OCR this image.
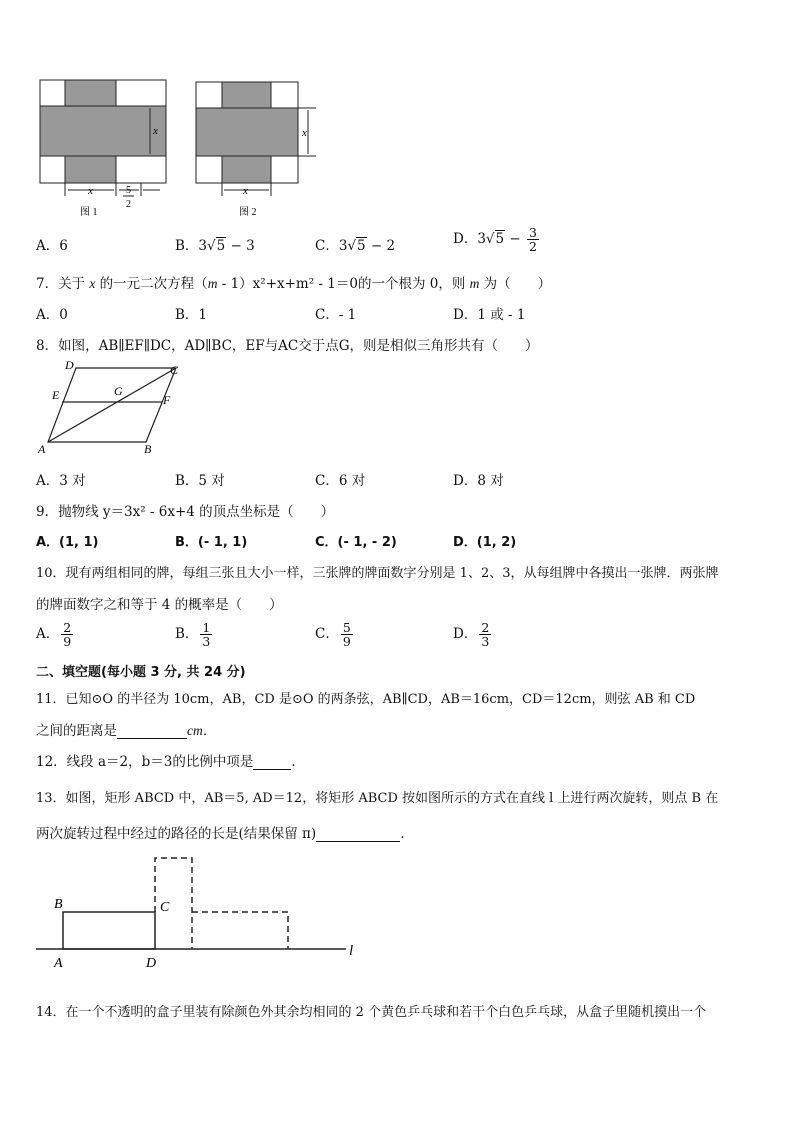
x
x	5
2
图 1
x
x
图 2
A．6	B．3√5 − 3	C．3√5 − 2	D．$3√5 - \frac{3}{2}$
7．关于 x 的一元二次方程（m - 1）x²+x+m² - 1＝0的一个根为 0，则 m 为（　　）
A．0	B．1	C．- 1	D．1 或 - 1
8．如图，AB∥EF∥DC，AD∥BC，EF与AC交于点G，则是相似三角形共有（　　）
A	B
C
D
E	F
G
A．3 对	B．5 对	C．6 对	D．8 对
9．抛物线 y＝3x² - 6x+4 的顶点坐标是（　　）
A．(1, 1)	B．(- 1, 1)	C．(- 1, - 2)	D．(1, 2)
10．现有两组相同的牌，每组三张且大小一样，三张牌的牌面数字分别是 1、2、3，从每组牌中各摸出一张牌．两张牌
的牌面数字之和等于 4 的概率是（　　）
A． $\frac{2}{9}$	B． $\frac{1}{3}$	C． $\frac{5}{9}$	D． $\frac{2}{3}$
二、填空题(每小题 3 分, 共 24 分)
11．已知⊙O 的半径为 10cm，AB，CD 是⊙O 的两条弦，AB∥CD，AB＝16cm，CD＝12cm，则弦 AB 和 CD
之间的距离是	cm．
12．线段 a＝2，b＝3的比例中项是	.
13．如图，矩形 ABCD 中，AB＝5, AD＝12，将矩形 ABCD 按如图所示的方式在直线 l 上进行两次旋转，则点 B 在
两次旋转过程中经过的路径的长是(结果保留 π)	.
B	C
A	D
l
14．在一个不透明的盒子里装有除颜色外其余均相同的 2 个黄色乒乓球和若干个白色乒乓球，从盒子里随机摸出一个
